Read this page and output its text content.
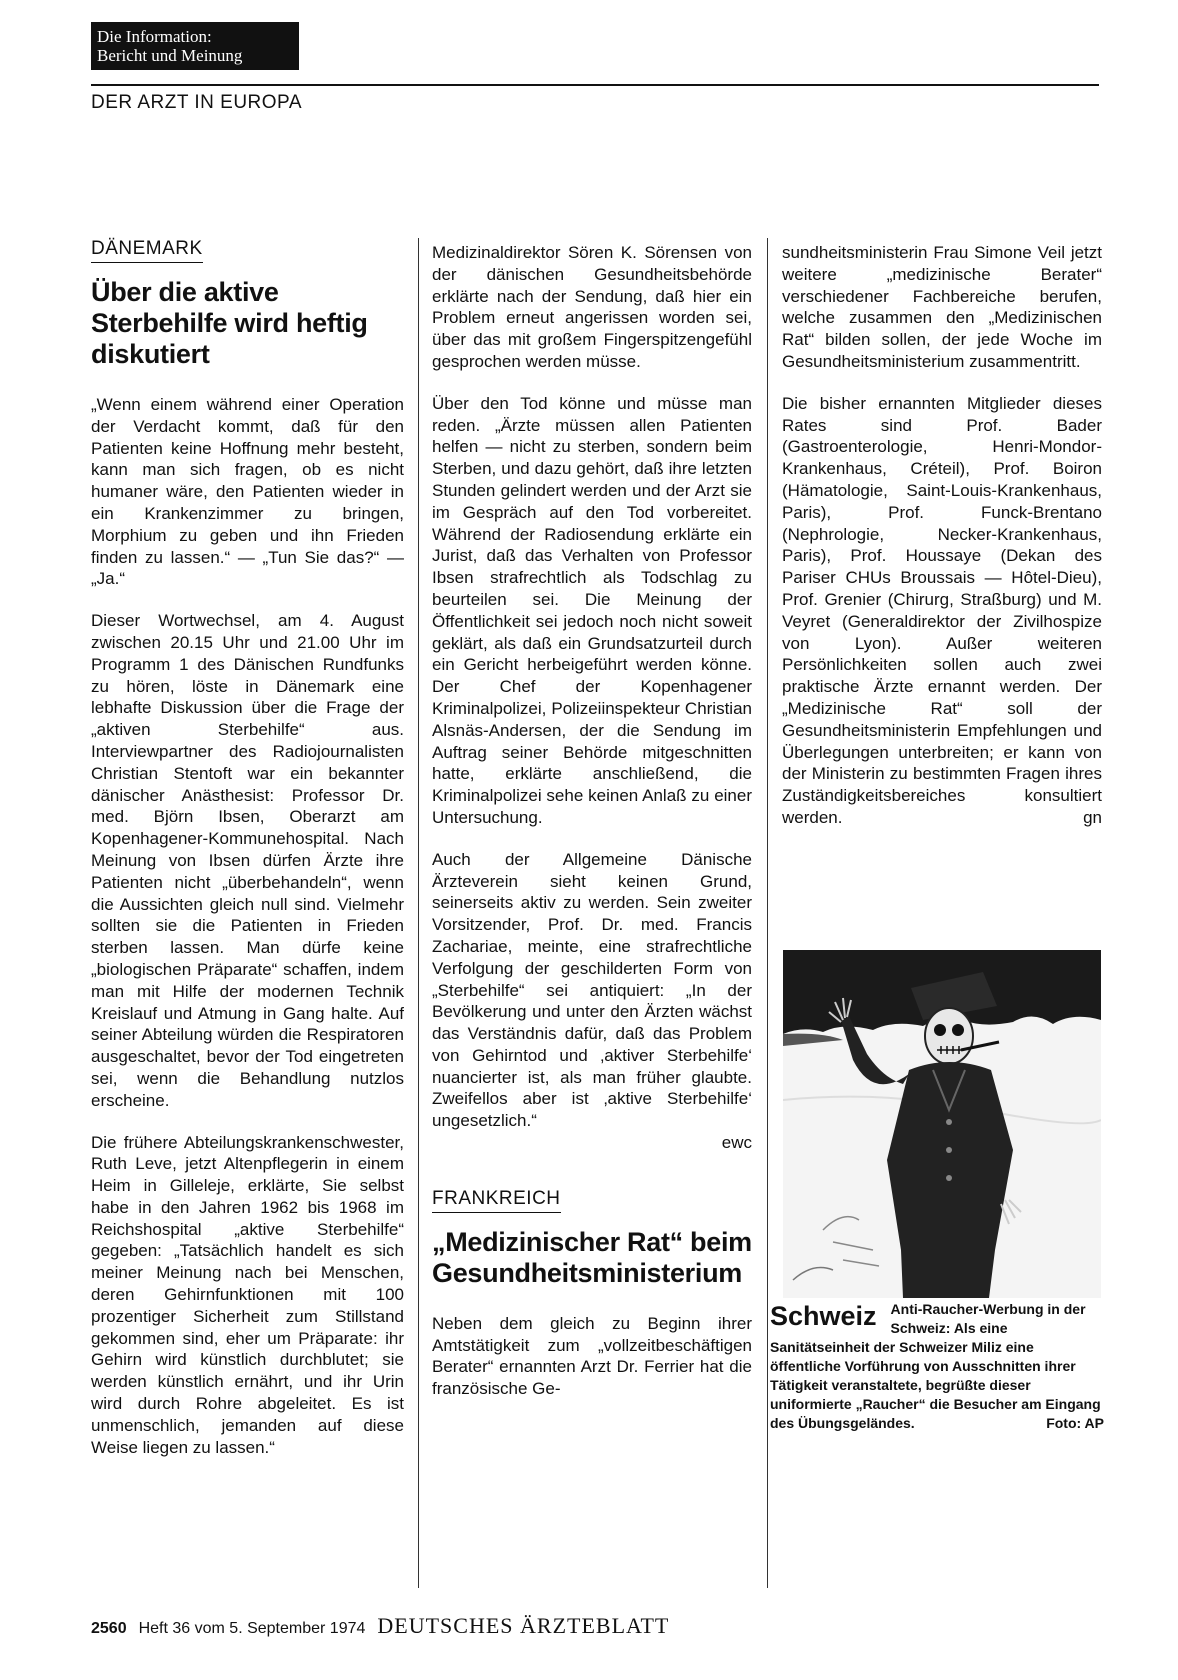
Die Information:
Bericht und Meinung
DER ARZT IN EUROPA
DÄNEMARK
Über die aktive Sterbehilfe wird heftig diskutiert

„Wenn einem während einer Operation der Verdacht kommt, daß für den Patienten keine Hoffnung mehr besteht, kann man sich fragen, ob es nicht humaner wäre, den Patienten wieder in ein Krankenzimmer zu bringen, Morphium zu geben und ihn Frieden finden zu lassen.“ — „Tun Sie das?“ — „Ja.“

Dieser Wortwechsel, am 4. August zwischen 20.15 Uhr und 21.00 Uhr im Programm 1 des Dänischen Rundfunks zu hören, löste in Dänemark eine lebhafte Diskussion über die Frage der „aktiven Sterbehilfe“ aus. Interviewpartner des Radiojournalisten Christian Stentoft war ein bekannter dänischer Anästhesist: Professor Dr. med. Björn Ibsen, Oberarzt am Kopenhagener-Kommunehospital. Nach Meinung von Ibsen dürfen Ärzte ihre Patienten nicht „überbehandeln“, wenn die Aussichten gleich null sind. Vielmehr sollten sie die Patienten in Frieden sterben lassen. Man dürfe keine „biologischen Präparate“ schaffen, indem man mit Hilfe der modernen Technik Kreislauf und Atmung in Gang halte. Auf seiner Abteilung würden die Respiratoren ausgeschaltet, bevor der Tod eingetreten sei, wenn die Behandlung nutzlos erscheine.

Die frühere Abteilungskrankenschwester, Ruth Leve, jetzt Altenpflegerin in einem Heim in Gilleleje, erklärte, Sie selbst habe in den Jahren 1962 bis 1968 im Reichshospital „aktive Sterbehilfe“ gegeben: „Tatsächlich handelt es sich meiner Meinung nach bei Menschen, deren Gehirnfunktionen mit 100 prozentiger Sicherheit zum Stillstand gekommen sind, eher um Präparate: ihr Gehirn wird künstlich durchblutet; sie werden künstlich ernährt, und ihr Urin wird durch Rohre abgeleitet. Es ist unmenschlich, jemanden auf diese Weise liegen zu lassen.“

Medizinaldirektor Sören K. Sörensen von der dänischen Gesundheitsbehörde erklärte nach der Sendung, daß hier ein Problem erneut angerissen worden sei, über das mit großem Fingerspitzengefühl gesprochen werden müsse.

Über den Tod könne und müsse man reden. „Ärzte müssen allen Patienten helfen — nicht zu sterben, sondern beim Sterben, und dazu gehört, daß ihre letzten Stunden gelindert werden und der Arzt sie im Gespräch auf den Tod vorbereitet. Während der Radiosendung erklärte ein Jurist, daß das Verhalten von Professor Ibsen strafrechtlich als Todschlag zu beurteilen sei. Die Meinung der Öffentlichkeit sei jedoch noch nicht soweit geklärt, als daß ein Grundsatzurteil durch ein Gericht herbeigeführt werden könne. Der Chef der Kopenhagener Kriminalpolizei, Polizeiinspekteur Christian Alsnäs-Andersen, der die Sendung im Auftrag seiner Behörde mitgeschnitten hatte, erklärte anschließend, die Kriminalpolizei sehe keinen Anlaß zu einer Untersuchung.

Auch der Allgemeine Dänische Ärzteverein sieht keinen Grund, seinerseits aktiv zu werden. Sein zweiter Vorsitzender, Prof. Dr. med. Francis Zachariae, meinte, eine strafrechtliche Verfolgung der geschilderten Form von „Sterbehilfe“ sei antiquiert: „In der Bevölkerung und unter den Ärzten wächst das Verständnis dafür, daß das Problem von Gehirntod und ‚aktiver Sterbehilfe‘ nuancierter ist, als man früher glaubte. Zweifellos aber ist ‚aktive Sterbehilfe‘ ungesetzlich.“

ewc
FRANKREICH
„Medizinischer Rat“ beim Gesundheitsministerium

Neben dem gleich zu Beginn ihrer Amtstätigkeit zum „vollzeitbeschäftigen Berater“ ernannten Arzt Dr. Ferrier hat die französische Ge-

sundheitsministerin Frau Simone Veil jetzt weitere „medizinische Berater“ verschiedener Fachbereiche berufen, welche zusammen den „Medizinischen Rat“ bilden sollen, der jede Woche im Gesundheitsministerium zusammentritt.

Die bisher ernannten Mitglieder dieses Rates sind Prof. Bader (Gastroenterologie, Henri-Mondor-Krankenhaus, Créteil), Prof. Boiron (Hämatologie, Saint-Louis-Krankenhaus, Paris), Prof. Funck-Brentano (Nephrologie, Necker-Krankenhaus, Paris), Prof. Houssaye (Dekan des Pariser CHUs Broussais — Hôtel-Dieu), Prof. Grenier (Chirurg, Straßburg) und M. Veyret (Generaldirektor der Zivilhospize von Lyon). Außer weiteren Persönlichkeiten sollen auch zwei praktische Ärzte ernannt werden. Der „Medizinische Rat“ soll der Gesundheitsministerin Empfehlungen und Überlegungen unterbreiten; er kann von der Ministerin zu bestimmten Fragen ihres Zuständigkeitsbereiches konsultiert werden.	gn
Schweiz Anti-Raucher-Werbung in der Schweiz: Als eine Sanitätseinheit der Schweizer Miliz eine öffentliche Vorführung von Ausschnitten ihrer Tätigkeit veranstaltete, begrüßte dieser uniformierte „Raucher“ die Besucher am Eingang des Übungsgeländes.	Foto: AP
2560 Heft 36 vom 5. September 1974 DEUTSCHES ÄRZTEBLATT
